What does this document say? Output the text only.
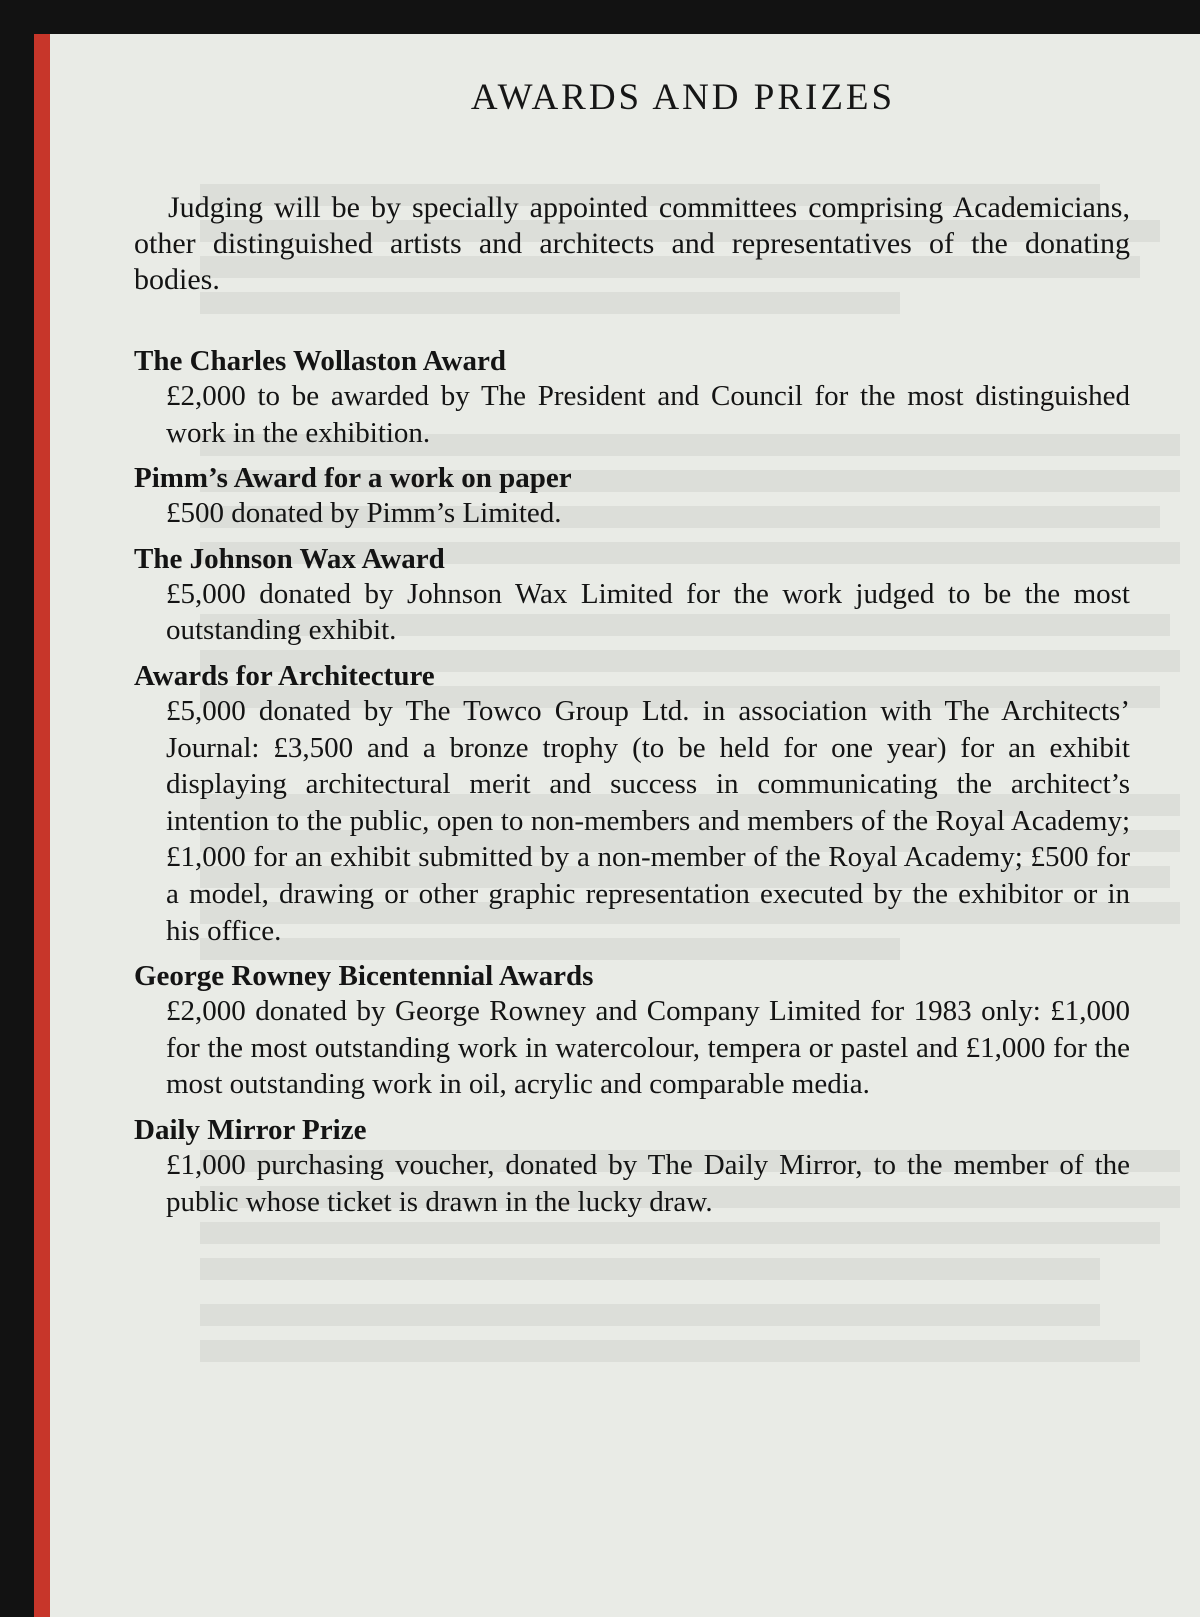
AWARDS AND PRIZES

Judging will be by specially appointed committees comprising Academicians, other distinguished artists and architects and representatives of the donating bodies.

The Charles Wollaston Award

£2,000 to be awarded by The President and Council for the most distinguished work in the exhibition.

Pimm’s Award for a work on paper

£500 donated by Pimm’s Limited.

The Johnson Wax Award

£5,000 donated by Johnson Wax Limited for the work judged to be the most outstanding exhibit.

Awards for Architecture

£5,000 donated by The Towco Group Ltd. in association with The Architects’ Journal: £3,500 and a bronze trophy (to be held for one year) for an exhibit displaying architectural merit and success in communicating the architect’s intention to the public, open to non-members and members of the Royal Academy; £1,000 for an exhibit submitted by a non-member of the Royal Academy; £500 for a model, drawing or other graphic representation executed by the exhibitor or in his office.

George Rowney Bicentennial Awards

£2,000 donated by George Rowney and Company Limited for 1983 only: £1,000 for the most outstanding work in watercolour, tempera or pastel and £1,000 for the most outstanding work in oil, acrylic and comparable media.

Daily Mirror Prize

£1,000 purchasing voucher, donated by The Daily Mirror, to the member of the public whose ticket is drawn in the lucky draw.
